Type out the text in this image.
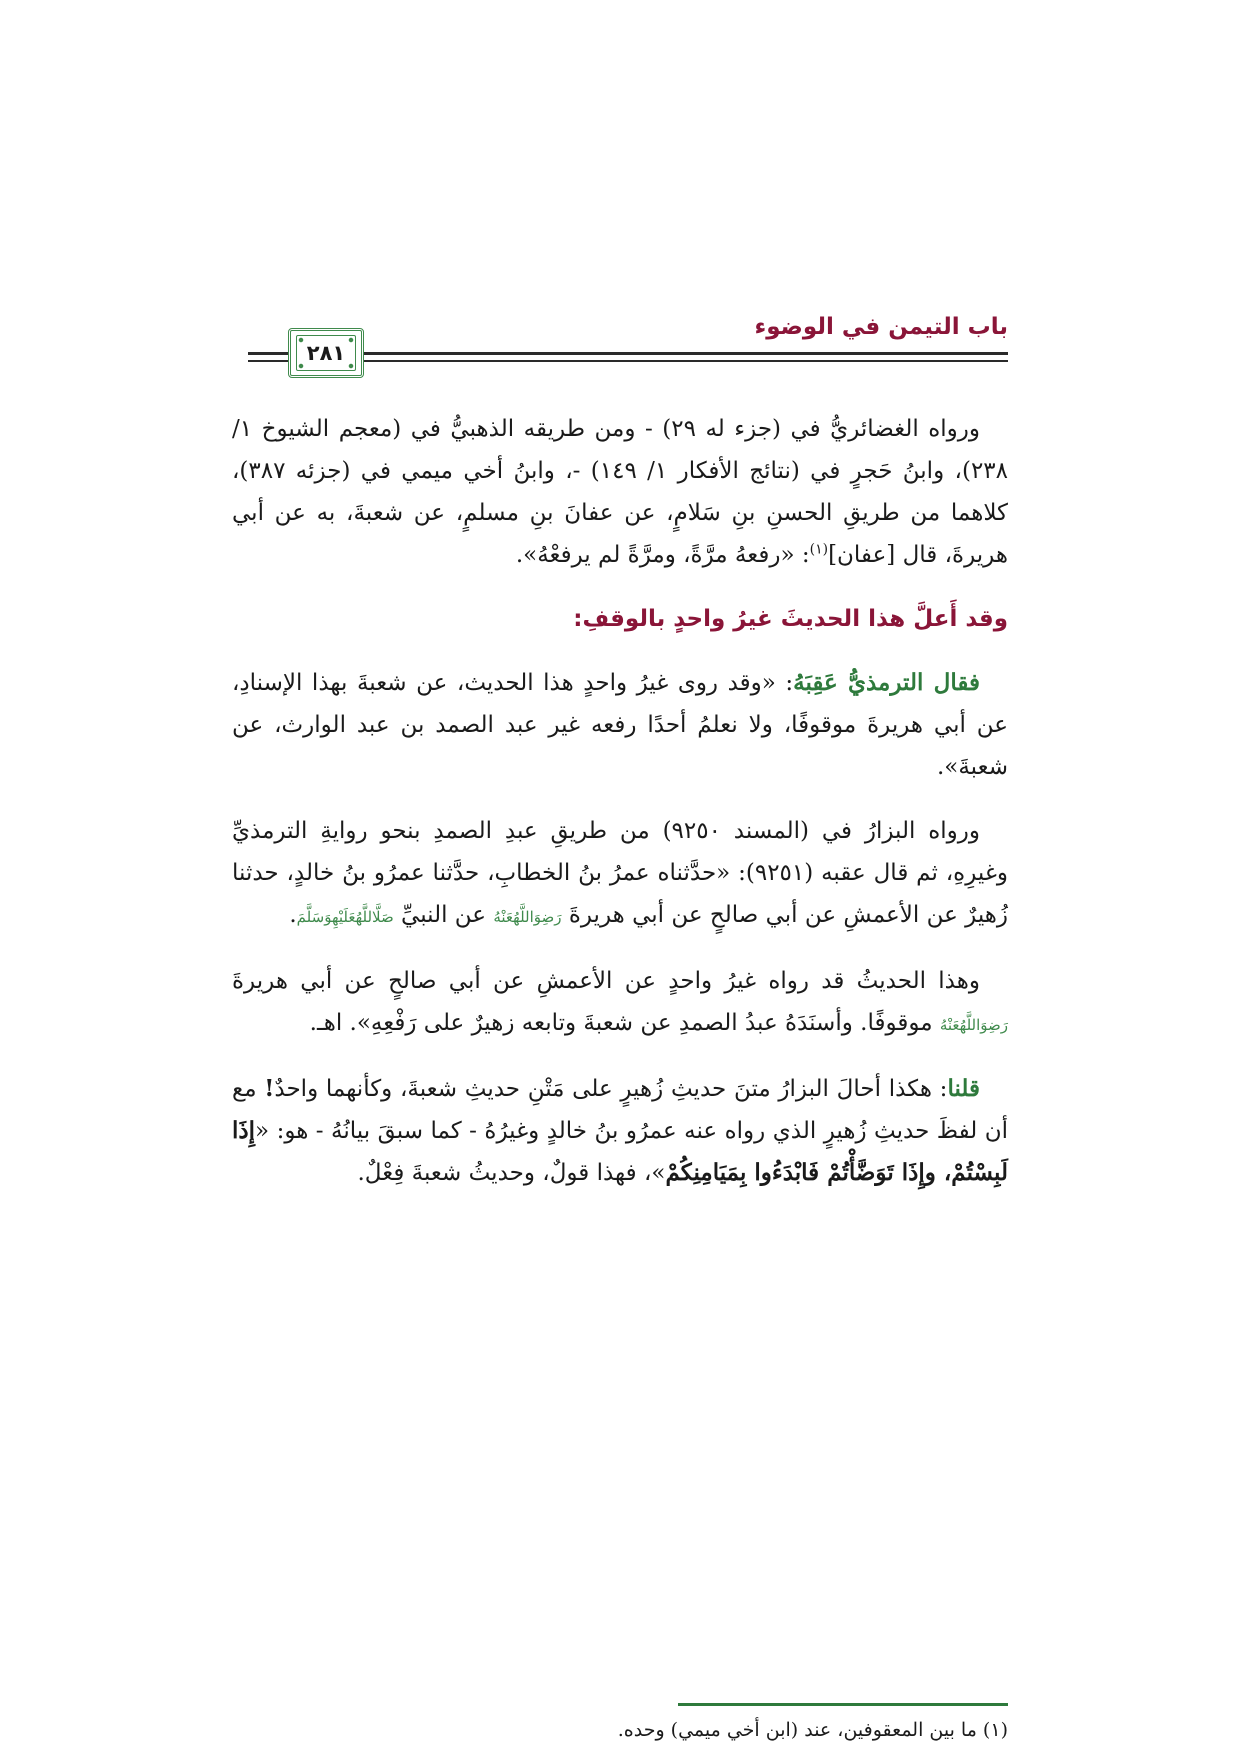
باب التيمن في الوضوء
٢٨١

ورواه الغضائريُّ في (جزء له ٢٩) - ومن طريقه الذهبيُّ في (معجم الشيوخ ١/ ٢٣٨)، وابنُ حَجرٍ في (نتائج الأفكار ١/ ١٤٩) -، وابنُ أخي ميمي في (جزئه ٣٨٧)، كلاهما من طريقِ الحسنِ بنِ سَلامٍ، عن عفانَ بنِ مسلمٍ، عن شعبةَ، به عن أبي هريرةَ، قال [عفان]$^{(١)}$: «رفعهُ مرَّةً، ومرَّةً لم يرفعْهُ».

وقد أَعلَّ هذا الحديثَ غيرُ واحدٍ بالوقفِ:

فقال الترمذيُّ عَقِبَهُ: «وقد روى غيرُ واحدٍ هذا الحديث، عن شعبةَ بهذا الإسنادِ، عن أبي هريرةَ موقوفًا، ولا نعلمُ أحدًا رفعه غير عبد الصمد بن عبد الوارث، عن شعبةَ».

ورواه البزارُ في (المسند ٩٢٥٠) من طريقِ عبدِ الصمدِ بنحو روايةِ الترمذيِّ وغيرِهِ، ثم قال عقبه (٩٢٥١): «حدَّثناه عمرُ بنُ الخطابِ، حدَّثنا عمرُو بنُ خالدٍ، حدثنا زُهيرٌ عن الأعمشِ عن أبي صالحٍ عن أبي هريرةَ رَضِوَاللَّهُعَنْهُ عن النبيِّ صَلَّاللَّهُعَلَيْهِوَسَلَّمَ.

وهذا الحديثُ قد رواه غيرُ واحدٍ عن الأعمشِ عن أبي صالحٍ عن أبي هريرةَ رَضِوَاللَّهُعَنْهُ موقوفًا. وأسنَدَهُ عبدُ الصمدِ عن شعبةَ وتابعه زهيرٌ على رَفْعِهِ». اهـ.

قلنا: هكذا أحالَ البزارُ متنَ حديثِ زُهيرٍ على مَتْنِ حديثِ شعبةَ، وكأنهما واحدٌ! مع أن لفظَ حديثِ زُهيرٍ الذي رواه عنه عمرُو بنُ خالدٍ وغيرُهُ - كما سبقَ بيانُهُ - هو: «إِذَا لَبِسْتُمْ، وإِذَا تَوَضَّأْتُمْ فَابْدَءُوا بِمَيَامِنِكُمْ»، فهذا قولٌ، وحديثُ شعبةَ فِعْلٌ.

(١) ما بين المعقوفين، عند (ابن أخي ميمي) وحده.
